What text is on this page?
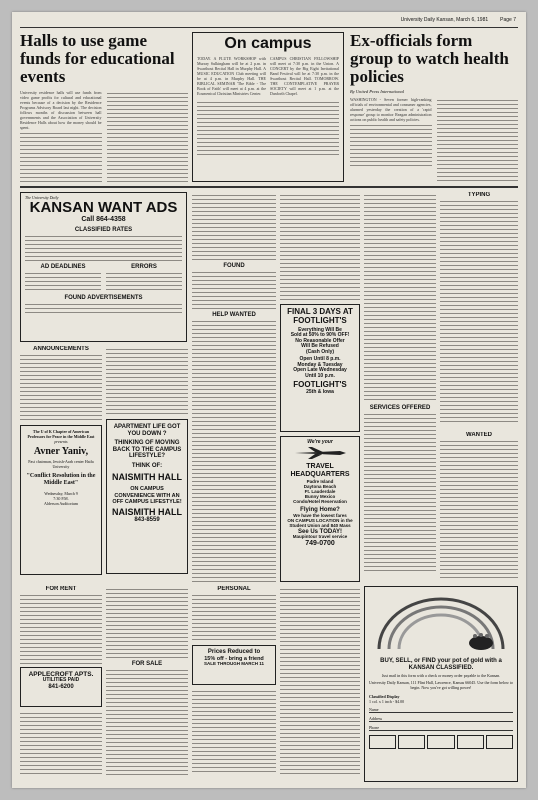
University Daily Kansan, March 6, 1981 Page 7
Halls to use game funds for educational events
University residence halls will use funds from video game profits for cultural and educational events because of a decision by the Residence Programs Advisory Board last night. The decision follows months of discussion between hall governments and the Association of University Residence Halls about how the money should be spent.
On campus
TODAY. A FLUTE WORKSHOP with Murray Sulkingham will be at 2 p.m. in Swarthout Recital Hall in Murphy Hall. A MUSIC EDUCATION Club meeting will be at 4 p.m. in Murphy Hall. THE BIBLICAL SEMINAR 'The Bible - The Book of Faith' will meet at 4 p.m. at the Ecumenical Christian Ministries Center.
CAMPUS CHRISTIAN FELLOWSHIP will meet at 7:30 p.m. in the Union. A CONCERT by the Big Eight Invitational Band Festival will be at 7:30 p.m. in the Swarthout Recital Hall. TOMORROW. THE CONTEMPLATIVE PRAYER SOCIETY will meet at 1 p.m. at the Danforth Chapel.
Ex-officials form group to watch health policies
By United Press International
WASHINGTON - Seven former high-ranking officials of environmental and consumer agencies, alarmed yesterday the creation of a 'rapid response' group to monitor Reagan administration actions on public health and safety policies.
The University Daily
KANSAN WANT ADS
Call 864-4358
CLASSIFIED RATES
AD DEADLINES	ERRORS
FOUND ADVERTISEMENTS
ANNOUNCEMENTS
The U of K Chapter of American Professors for Peace in the Middle East
presents
Avner Yaniv,
Past chairman, Jewish-Arab center Haifa University
"Conflict Resolution in the Middle East"
Wednesday, March 9
7:30 P.M.
Alderson Auditorium
APARTMENT LIFE GOT YOU DOWN ?
THINKING OF MOVING BACK TO THE CAMPUS LIFESTYLE?
THINK OF:
NAISMITH HALL
ON CAMPUS CONVENIENCE WITH AN OFF CAMPUS LIFESTYLE!
NAISMITH HALL
843-8559
FOUND
HELP WANTED	FINAL 3 DAYS AT FOOTLIGHT'S
Everything Will Be
Sold at 50% to 90% OFF!
No Reasonable Offer
Will Be Refused
(Cash Only)
Open Until 8 p.m.
Monday & Tuesday
Open Late Wednesday
Until 10 p.m.
FOOTLIGHT'S
25th & Iowa
We're your
TRAVEL HEADQUARTERS
Padre Island
Daytona Beach
Ft. Lauderdale
Bunny Mexico
Condo/Hotel Reservation
Flying Home?
We have the lowest fares
ON CAMPUS LOCATION in the Student Union and 840 Mass
See Us TODAY!
Maupintour travel service
749-0700
SERVICES OFFERED
TYPING
WANTED
FOR RENT
APPLECROFT APTS.
UTILITIES PAID
841-6200
FOR SALE
PERSONAL
Prices Reduced to
15% off - bring a friend
SALE THROUGH MARCH 11	BUY, SELL, or FIND your pot of gold with a KANSAN CLASSIFIED.
Just mail in this form with a check or money order payable to the Kansan.
University Daily Kansan, 111 Flint Hall, Lawrence, Kansas 66045. Use the form below to begin. Now you've got willing power!
Classified Display
1 col. x 1 inch - $4.00
Name
Address
Phone
